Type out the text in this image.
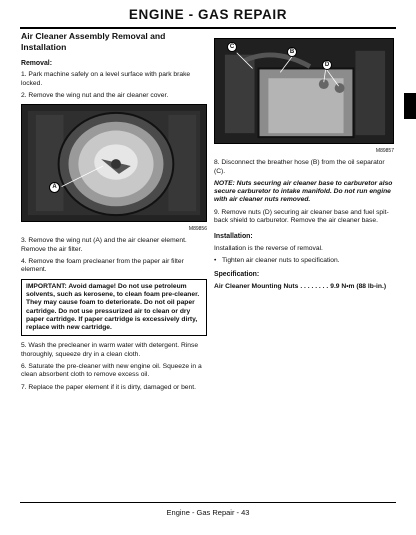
ENGINE - GAS REPAIR
Air Cleaner Assembly Removal and Installation
Removal:
1. Park machine safely on a level surface with park brake locked.
2. Remove the wing nut and the air cleaner cover.
A
M89856
3. Remove the wing nut (A) and the air cleaner element. Remove the air filter.
4. Remove the foam precleaner from the paper air filter element.
IMPORTANT: Avoid damage! Do not use petroleum solvents, such as kerosene, to clean foam pre-cleaner. They may cause foam to deteriorate. Do not oil paper cartridge. Do not use pressurized air to clean or dry paper cartridge. If paper cartridge is excessively dirty, replace with new cartridge.
5. Wash the precleaner in warm water with detergent. Rinse thoroughly, squeeze dry in a clean cloth.
6. Saturate the pre-cleaner with new engine oil. Squeeze in a clean absorbent cloth to remove excess oil.
7. Replace the paper element if it is dirty, damaged or bent.
C
B
D
M89857
8. Disconnect the breather hose (B) from the oil separator (C).
NOTE: Nuts securing air cleaner base to carburetor also secure carburetor to intake manifold. Do not run engine with air cleaner nuts removed.
9. Remove nuts (D) securing air cleaner base and fuel spit-back shield to carburetor. Remove the air cleaner base.
Installation:
Installation is the reverse of removal.
• Tighten air cleaner nuts to specification.
Specification:
Air Cleaner Mounting Nuts . . . . . . . . 9.9 N•m (88 lb-in.)
Engine - Gas Repair - 43
